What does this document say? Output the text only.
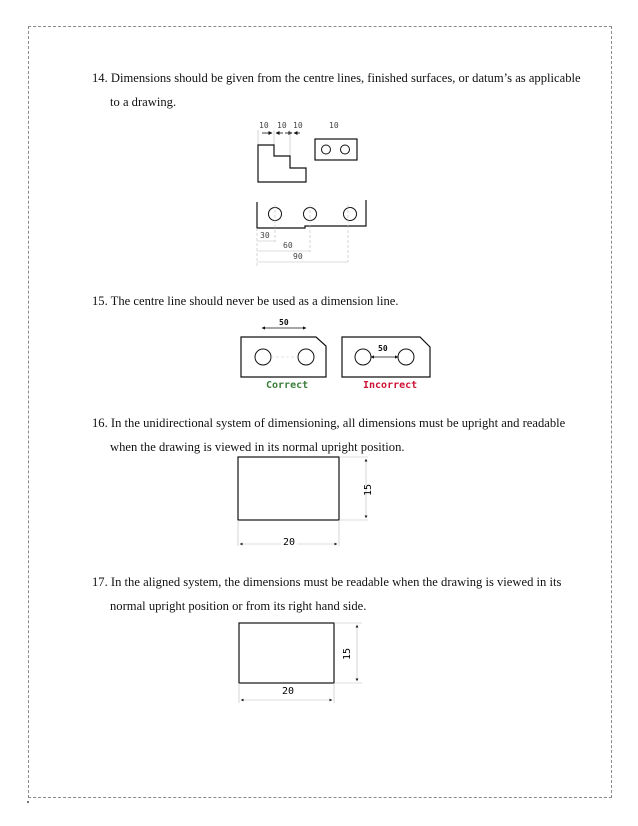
14. Dimensions should be given from the centre lines, finished surfaces, or datum’s as applicable
to a drawing.

10 10 10	10
30
60
90

15. The centre line should never be used as a dimension line.

50
Correct
50
Incorrect

16. In the unidirectional system of dimensioning, all dimensions must be upright and readable
when the drawing is viewed in its normal upright position.

20
15

17. In the aligned system, the dimensions must be readable when the drawing is viewed in its
normal upright position or from its right hand side.

20
15
